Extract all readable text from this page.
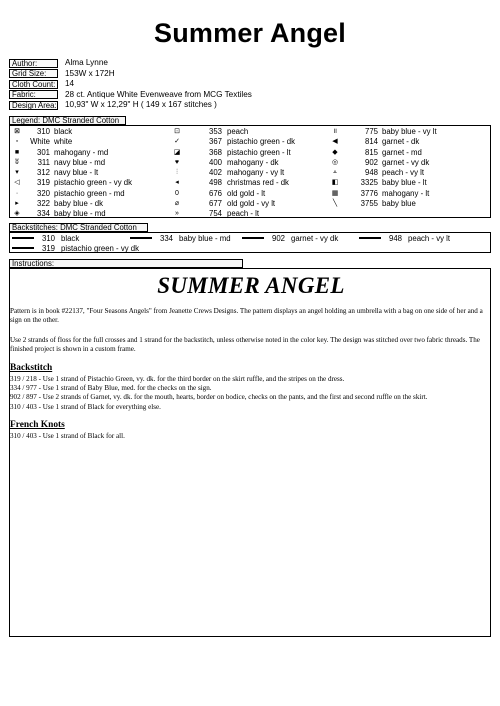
Summer Angel
Author:	Alma Lynne
Grid Size:	153W x 172H
Cloth Count:	14
Fabric:	28 ct. Antique White Evenweave from MCG Textiles
Design Area:	10,93" W x 12,29" H ( 149 x 167 stitches )
Legend: DMC Stranded Cotton
⊠ 310 black	⊡	353 peach	॥	775 baby blue - vy lt
▫	White white	✓	367 pistachio green - dk	◀	814 garnet - dk
■	301 mahogany - md	◪	368 pistachio green - lt	◆	815 garnet - md
ʬ	311 navy blue - md	♥	400 mahogany - dk	◎	902 garnet - vy dk
▾	312 navy blue - lt	⫶	402 mahogany - vy lt	⩡	948 peach - vy lt
◁ 319 pistachio green - vy dk	◂	498 christmas red - dk	◧	3325 baby blue - lt
·	320 pistachio green - md	0	676 old gold - lt	▦	3776 mahogany - lt
▸	322 baby blue - dk	⌀	677 old gold - vy lt	╲	3755 baby blue
◈ 334 baby blue - md	»	754 peach - lt
Backstitches: DMC Stranded Cotton
310 black	334 baby blue - md	902 garnet - vy dk	948 peach - vy lt
319 pistachio green - vy dk
Instructions:
SUMMER ANGEL

Pattern is in book #22137, "Four Seasons Angels" from Jeanette Crews Designs. The pattern displays an angel holding an umbrella with a bag on one side of her and a sign on the other.

Use 2 strands of floss for the full crosses and 1 strand for the backstitch, unless otherwise noted in the color key. The design was stitched over two fabric threads. The finished project is shown in a custom frame.

Backstitch

319 / 218 - Use 1 strand of Pistachio Green, vy. dk. for the third border on the skirt ruffle, and the stripes on the dress.

334 / 977 - Use 1 strand of Baby Blue, med. for the checks on the sign.

902 / 897 - Use 2 strands of Garnet, vy. dk. for the mouth, hearts, border on bodice, checks on the pants, and the first and second ruffle on the skirt.

310 / 403 - Use 1 strand of Black for everything else.

French Knots

310 / 403 - Use 1 strand of Black for all.
